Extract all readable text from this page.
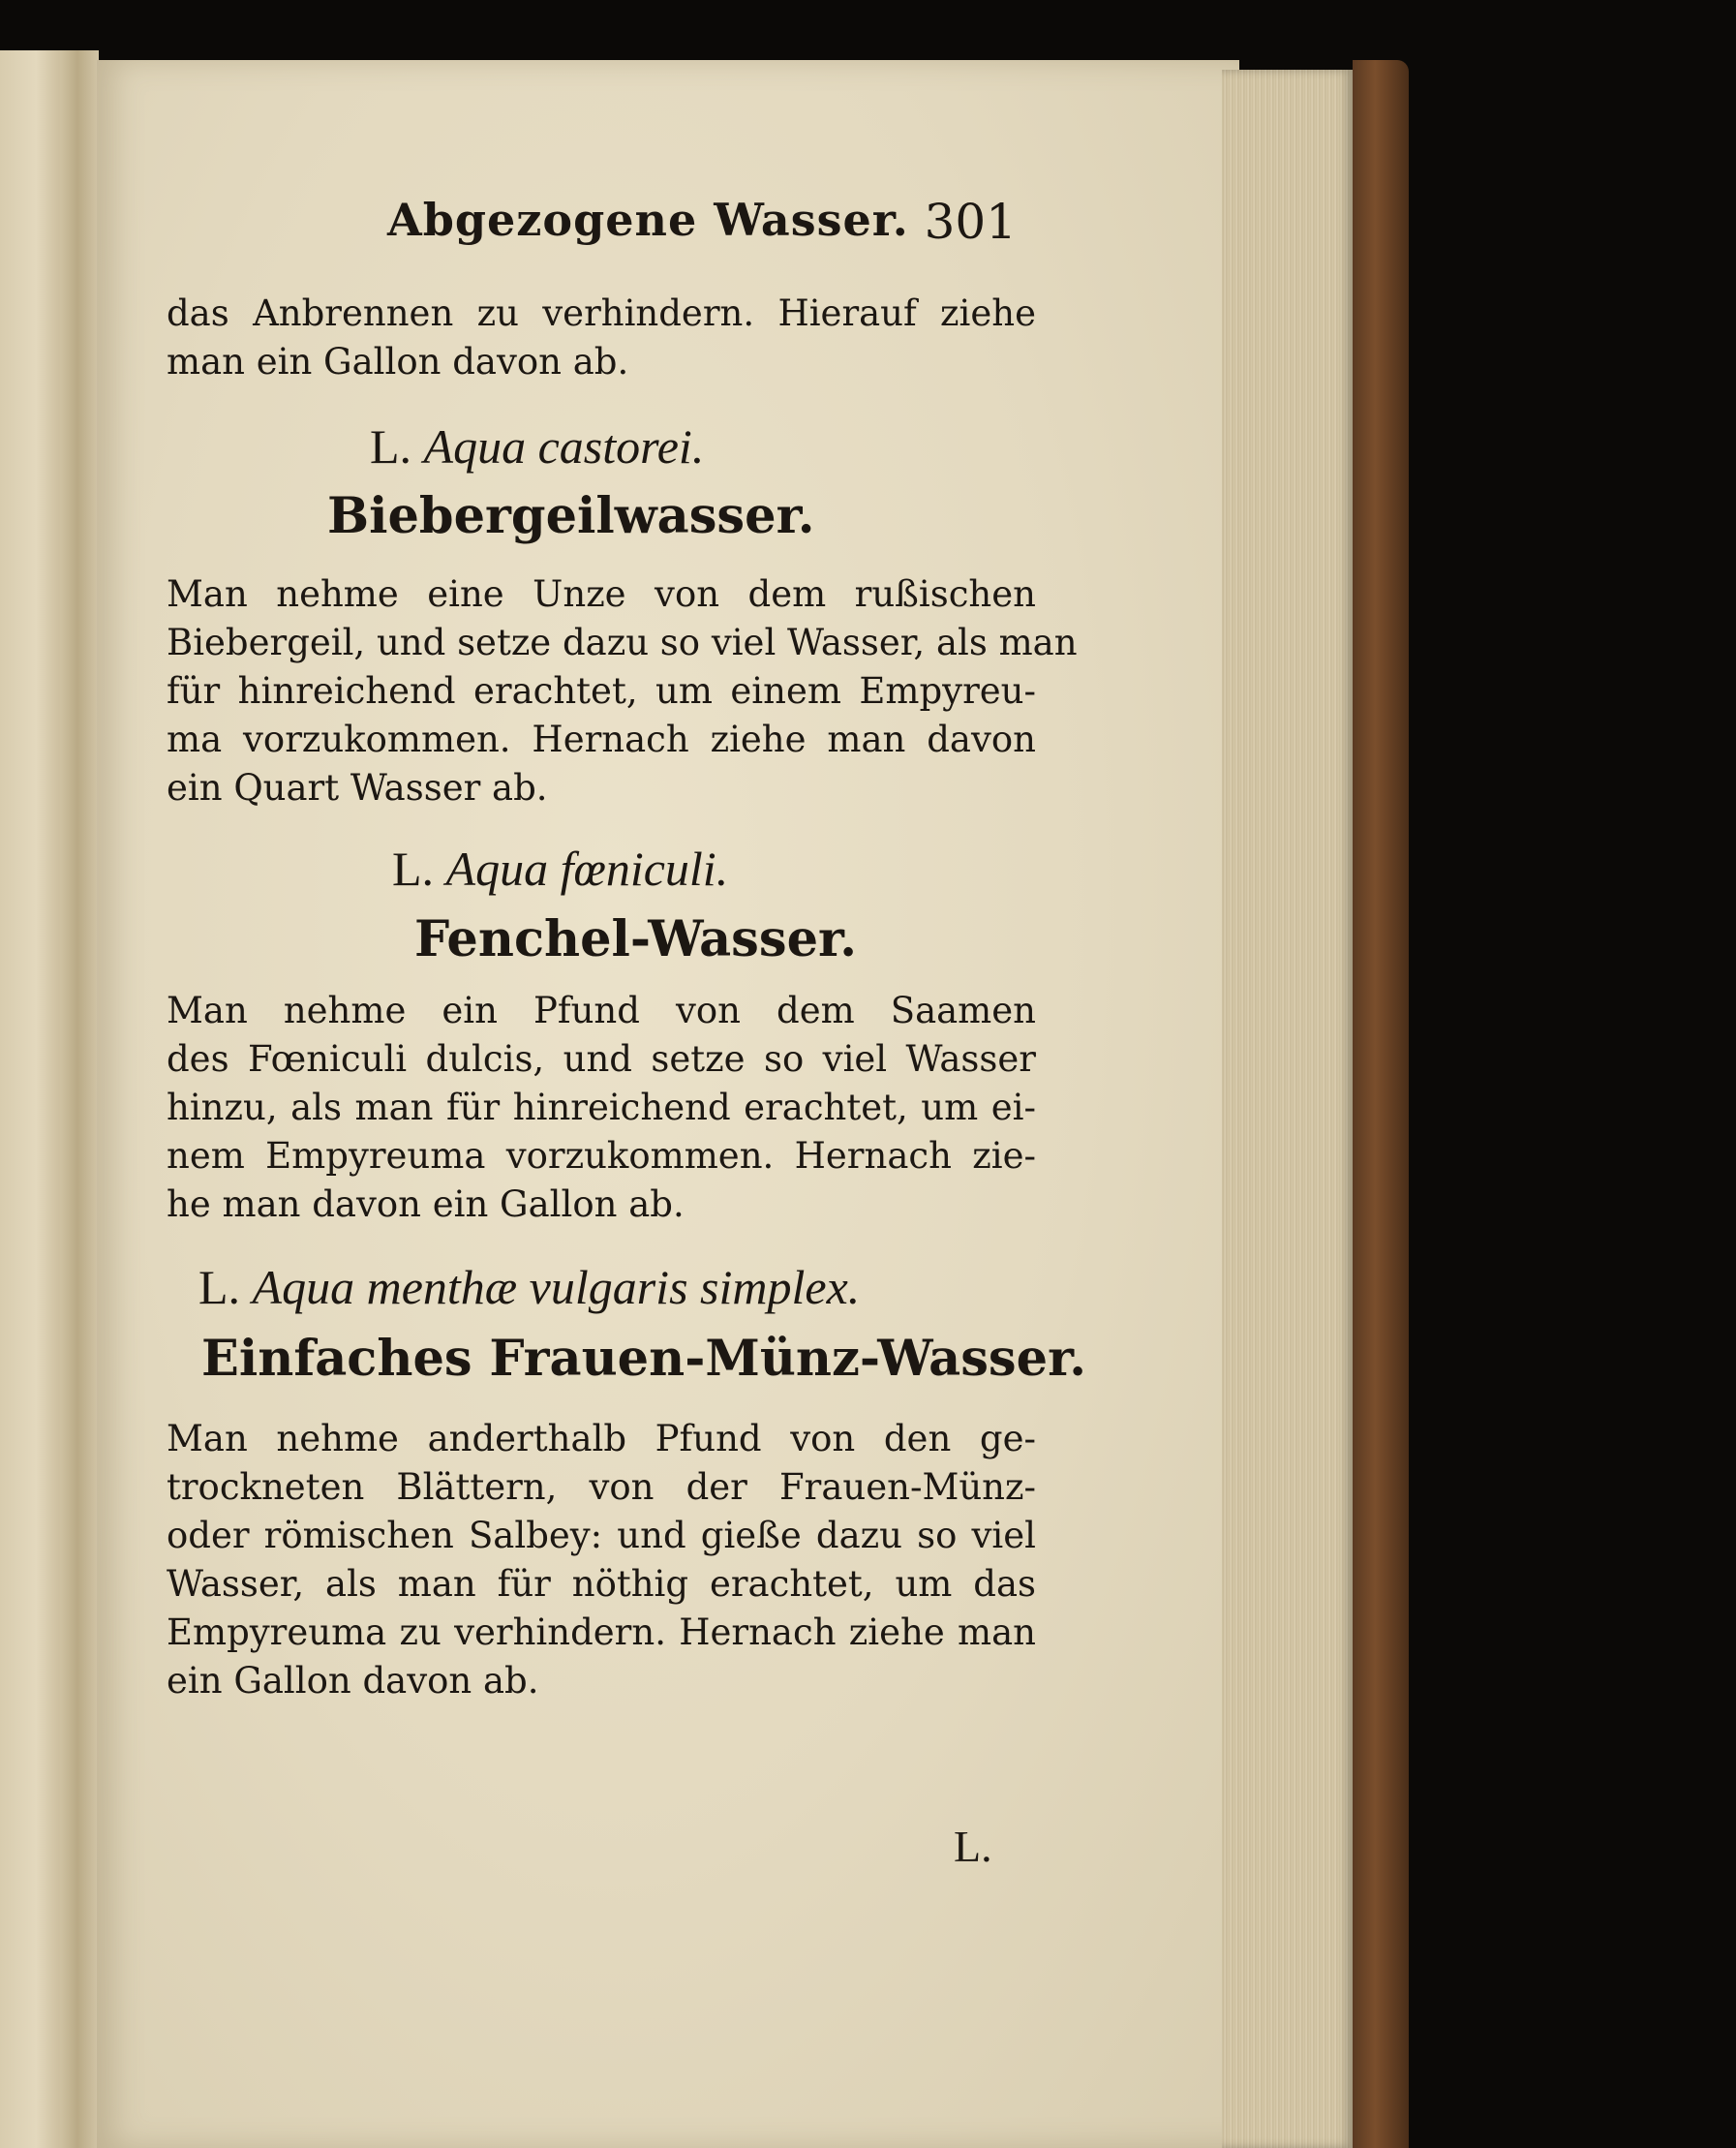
Abgezogene Wasser. 301
das Anbrennen zu verhindern. Hierauf ziehe
man ein Gallon davon ab.
L. Aqua castorei.
Biebergeilwasser.
Man nehme eine Unze von dem rußischen
Biebergeil, und setze dazu so viel Wasser, als man
für hinreichend erachtet, um einem Empyreu-
ma vorzukommen. Hernach ziehe man davon
ein Quart Wasser ab.
L. Aqua fœniculi.
Fenchel-Wasser.
Man nehme ein Pfund von dem Saamen
des Fœniculi dulcis, und setze so viel Wasser
hinzu, als man für hinreichend erachtet, um ei-
nem Empyreuma vorzukommen. Hernach zie-
he man davon ein Gallon ab.
L. Aqua menthæ vulgaris simplex.
Einfaches Frauen-Münz-Wasser.
Man nehme anderthalb Pfund von den ge-
trockneten Blättern, von der Frauen-Münz-
oder römischen Salbey: und gieße dazu so viel
Wasser, als man für nöthig erachtet, um das
Empyreuma zu verhindern. Hernach ziehe man
ein Gallon davon ab.
L.
